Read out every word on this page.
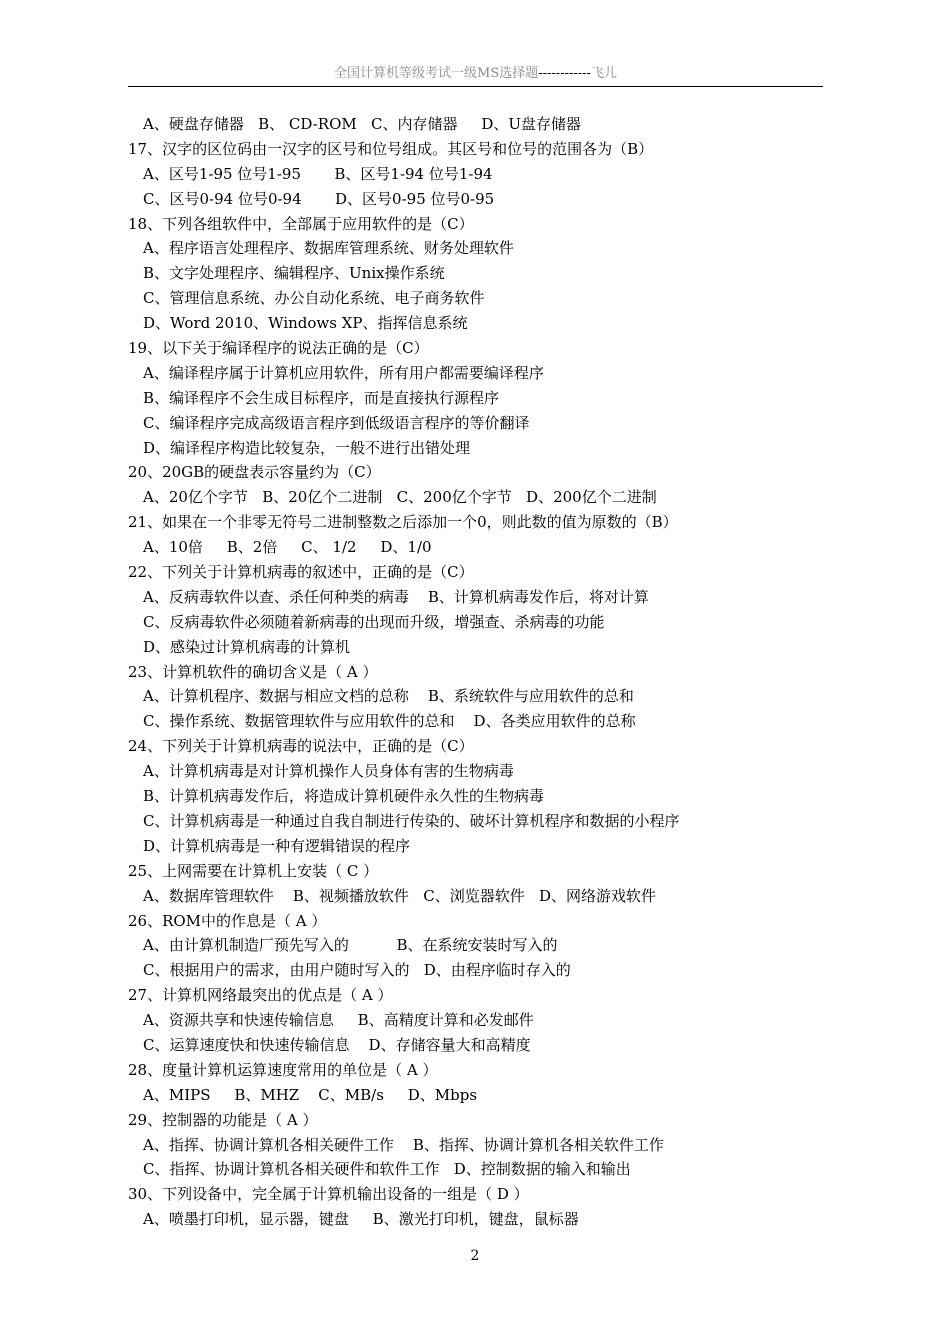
全国计算机等级考试一级MS选择题------------飞儿
A、硬盘存储器   B、 CD-ROM   C、内存储器     D、U盘存储器
17、汉字的区位码由一汉字的区号和位号组成。其区号和位号的范围各为（B）
A、区号1-95 位号1-95       B、区号1-94 位号1-94
C、区号0-94 位号0-94       D、区号0-95 位号0-95
18、下列各组软件中，全部属于应用软件的是（C）
A、程序语言处理程序、数据库管理系统、财务处理软件
B、文字处理程序、编辑程序、Unix操作系统
C、管理信息系统、办公自动化系统、电子商务软件
D、Word 2010、Windows XP、指挥信息系统
19、以下关于编译程序的说法正确的是（C）
A、编译程序属于计算机应用软件，所有用户都需要编译程序
B、编译程序不会生成目标程序，而是直接执行源程序
C、编译程序完成高级语言程序到低级语言程序的等价翻译
D、编译程序构造比较复杂，一般不进行出错处理
20、20GB的硬盘表示容量约为（C）
A、20亿个字节   B、20亿个二进制   C、200亿个字节   D、200亿个二进制
21、如果在一个非零无符号二进制整数之后添加一个0，则此数的值为原数的（B）
A、10倍     B、2倍     C、 1/2     D、1/0
22、下列关于计算机病毒的叙述中，正确的是（C）
A、反病毒软件以查、杀任何种类的病毒    B、计算机病毒发作后，将对计算
C、反病毒软件必须随着新病毒的出现而升级，增强查、杀病毒的功能
D、感染过计算机病毒的计算机
23、计算机软件的确切含义是（ A ）
A、计算机程序、数据与相应文档的总称    B、系统软件与应用软件的总和
C、操作系统、数据管理软件与应用软件的总和    D、各类应用软件的总称
24、下列关于计算机病毒的说法中，正确的是（C）
A、计算机病毒是对计算机操作人员身体有害的生物病毒
B、计算机病毒发作后，将造成计算机硬件永久性的生物病毒
C、计算机病毒是一种通过自我自制进行传染的、破坏计算机程序和数据的小程序
D、计算机病毒是一种有逻辑错误的程序
25、上网需要在计算机上安装（ C ）
A、数据库管理软件    B、视频播放软件   C、浏览器软件   D、网络游戏软件
26、ROM中的作息是（ A ）
A、由计算机制造厂预先写入的          B、在系统安装时写入的
C、根据用户的需求，由用户随时写入的   D、由程序临时存入的
27、计算机网络最突出的优点是（ A ）
A、资源共享和快速传输信息     B、高精度计算和必发邮件
C、运算速度快和快速传输信息    D、存储容量大和高精度
28、度量计算机运算速度常用的单位是（ A ）
A、MIPS     B、MHZ    C、MB/s     D、Mbps
29、控制器的功能是（ A ）
A、指挥、协调计算机各相关硬件工作    B、指挥、协调计算机各相关软件工作
C、指挥、协调计算机各相关硬件和软件工作   D、控制数据的输入和输出
30、下列设备中，完全属于计算机输出设备的一组是（ D ）
A、喷墨打印机，显示器，键盘     B、激光打印机，键盘，鼠标器
2
